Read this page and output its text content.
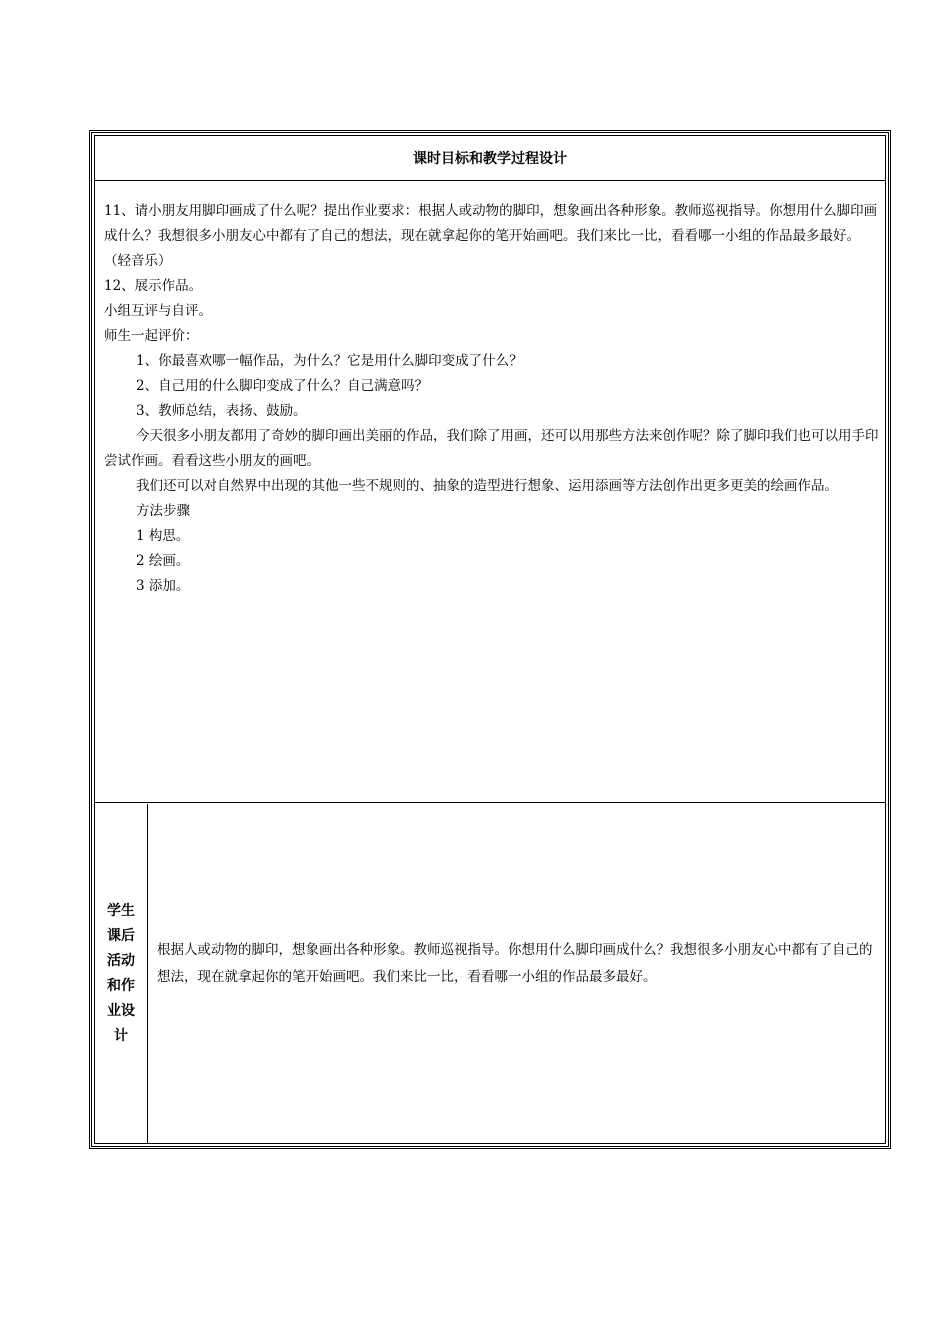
课时目标和教学过程设计

11、请小朋友用脚印画成了什么呢？提出作业要求：根据人或动物的脚印，想象画出各种形象。教师巡视指导。你想用什么脚印画成什么？我想很多小朋友心中都有了自己的想法，现在就拿起你的笔开始画吧。我们来比一比，看看哪一小组的作品最多最好。（轻音乐）

12、展示作品。

小组互评与自评。

师生一起评价：

1、你最喜欢哪一幅作品，为什么？它是用什么脚印变成了什么？

2、自己用的什么脚印变成了什么？自己满意吗？

3、教师总结，表扬、鼓励。

今天很多小朋友都用了奇妙的脚印画出美丽的作品，我们除了用画，还可以用那些方法来创作呢？除了脚印我们也可以用手印尝试作画。看看这些小朋友的画吧。

我们还可以对自然界中出现的其他一些不规则的、抽象的造型进行想象、运用添画等方法创作出更多更美的绘画作品。

方法步骤

1 构思。

2 绘画。

3 添加。

学生
课后
活动
和作
业设
计

根据人或动物的脚印，想象画出各种形象。教师巡视指导。你想用什么脚印画成什么？我想很多小朋友心中都有了自己的想法，现在就拿起你的笔开始画吧。我们来比一比，看看哪一小组的作品最多最好。
